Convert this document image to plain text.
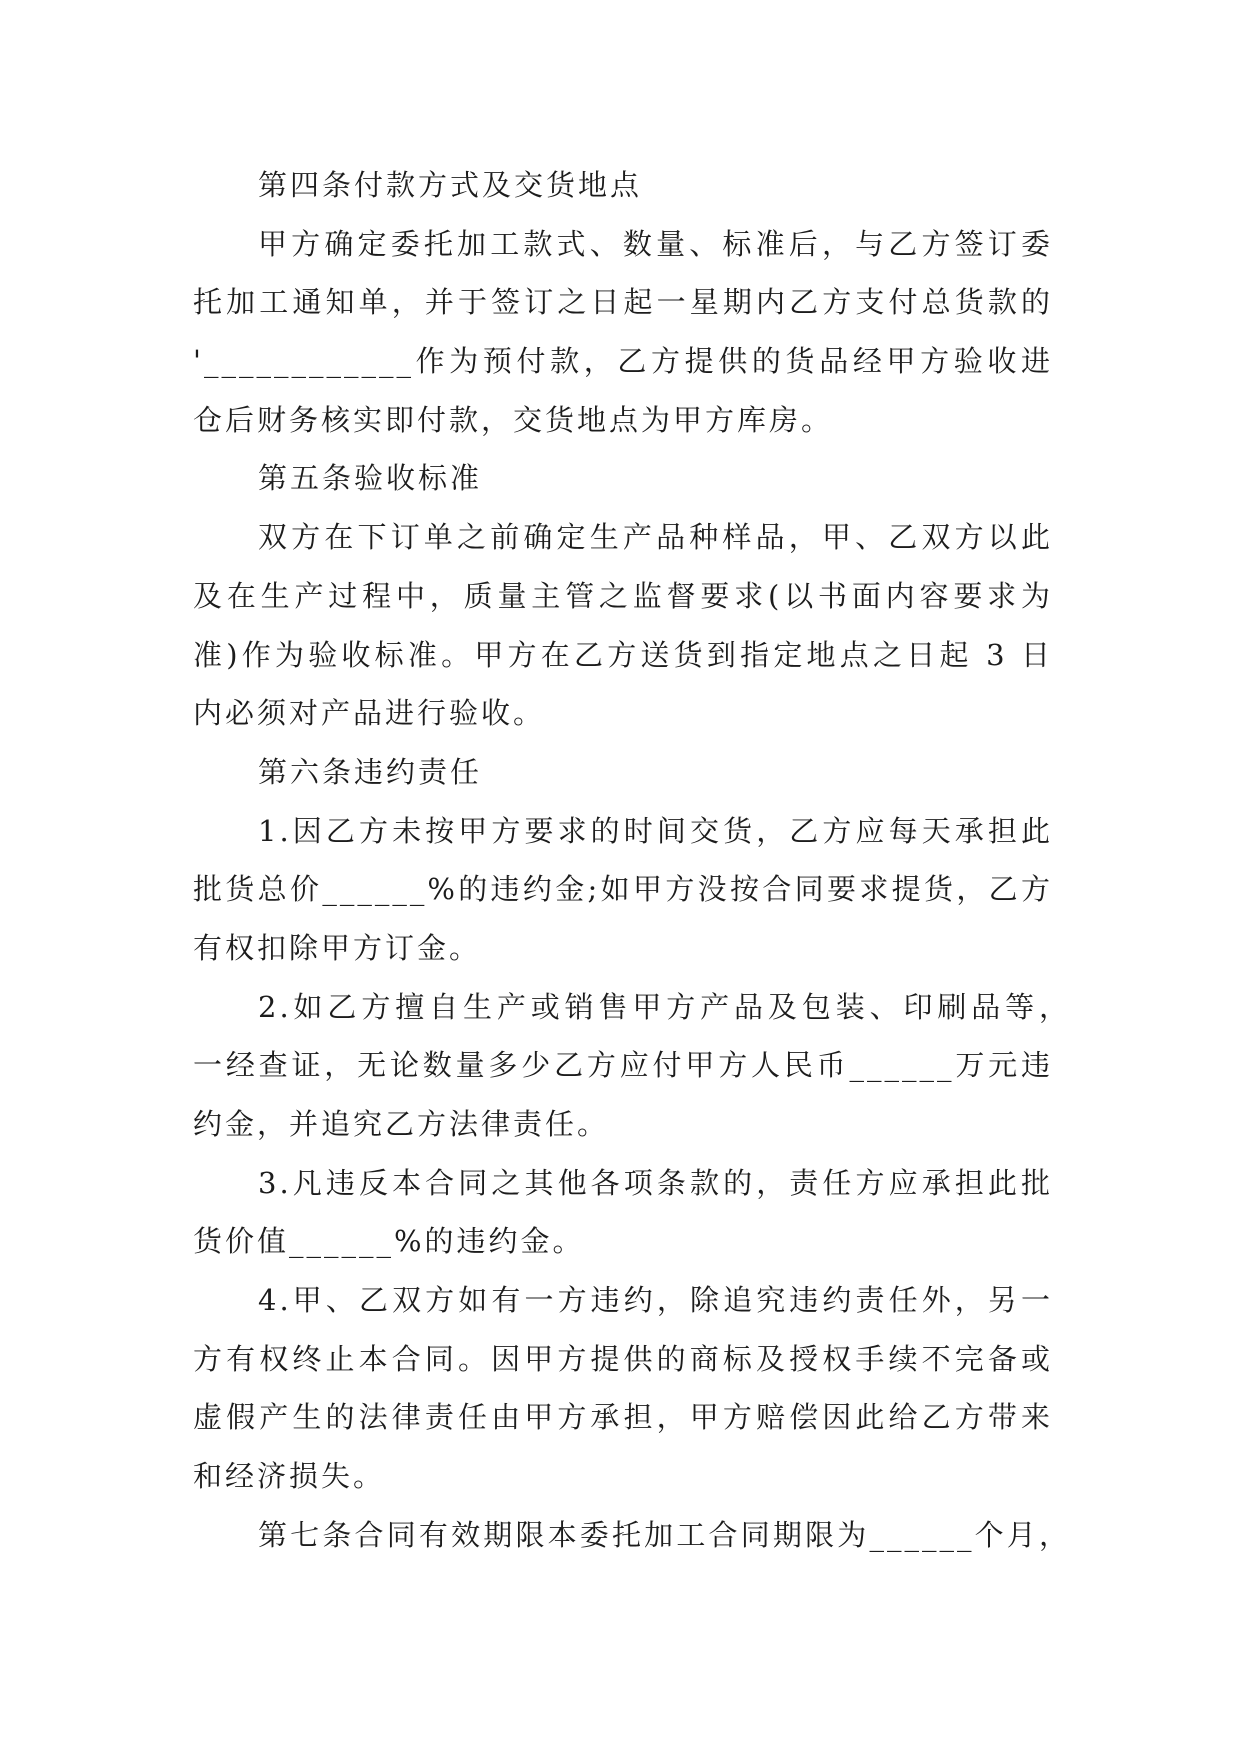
第四条付款方式及交货地点
甲方确定委托加工款式、数量、标准后，与乙方签订委
托加工通知单，并于签订之日起一星期内乙方支付总货款的
'____________作为预付款，乙方提供的货品经甲方验收进
仓后财务核实即付款，交货地点为甲方库房。
第五条验收标准
双方在下订单之前确定生产品种样品，甲、乙双方以此
及在生产过程中，质量主管之监督要求(以书面内容要求为
准)作为验收标准。甲方在乙方送货到指定地点之日起 3 日
内必须对产品进行验收。
第六条违约责任
1.因乙方未按甲方要求的时间交货，乙方应每天承担此
批货总价______%的违约金;如甲方没按合同要求提货，乙方
有权扣除甲方订金。
2.如乙方擅自生产或销售甲方产品及包装、印刷品等，
一经查证，无论数量多少乙方应付甲方人民币______万元违
约金，并追究乙方法律责任。
3.凡违反本合同之其他各项条款的，责任方应承担此批
货价值______%的违约金。
4.甲、乙双方如有一方违约，除追究违约责任外，另一
方有权终止本合同。因甲方提供的商标及授权手续不完备或
虚假产生的法律责任由甲方承担，甲方赔偿因此给乙方带来
和经济损失。
第七条合同有效期限本委托加工合同期限为______个月，
